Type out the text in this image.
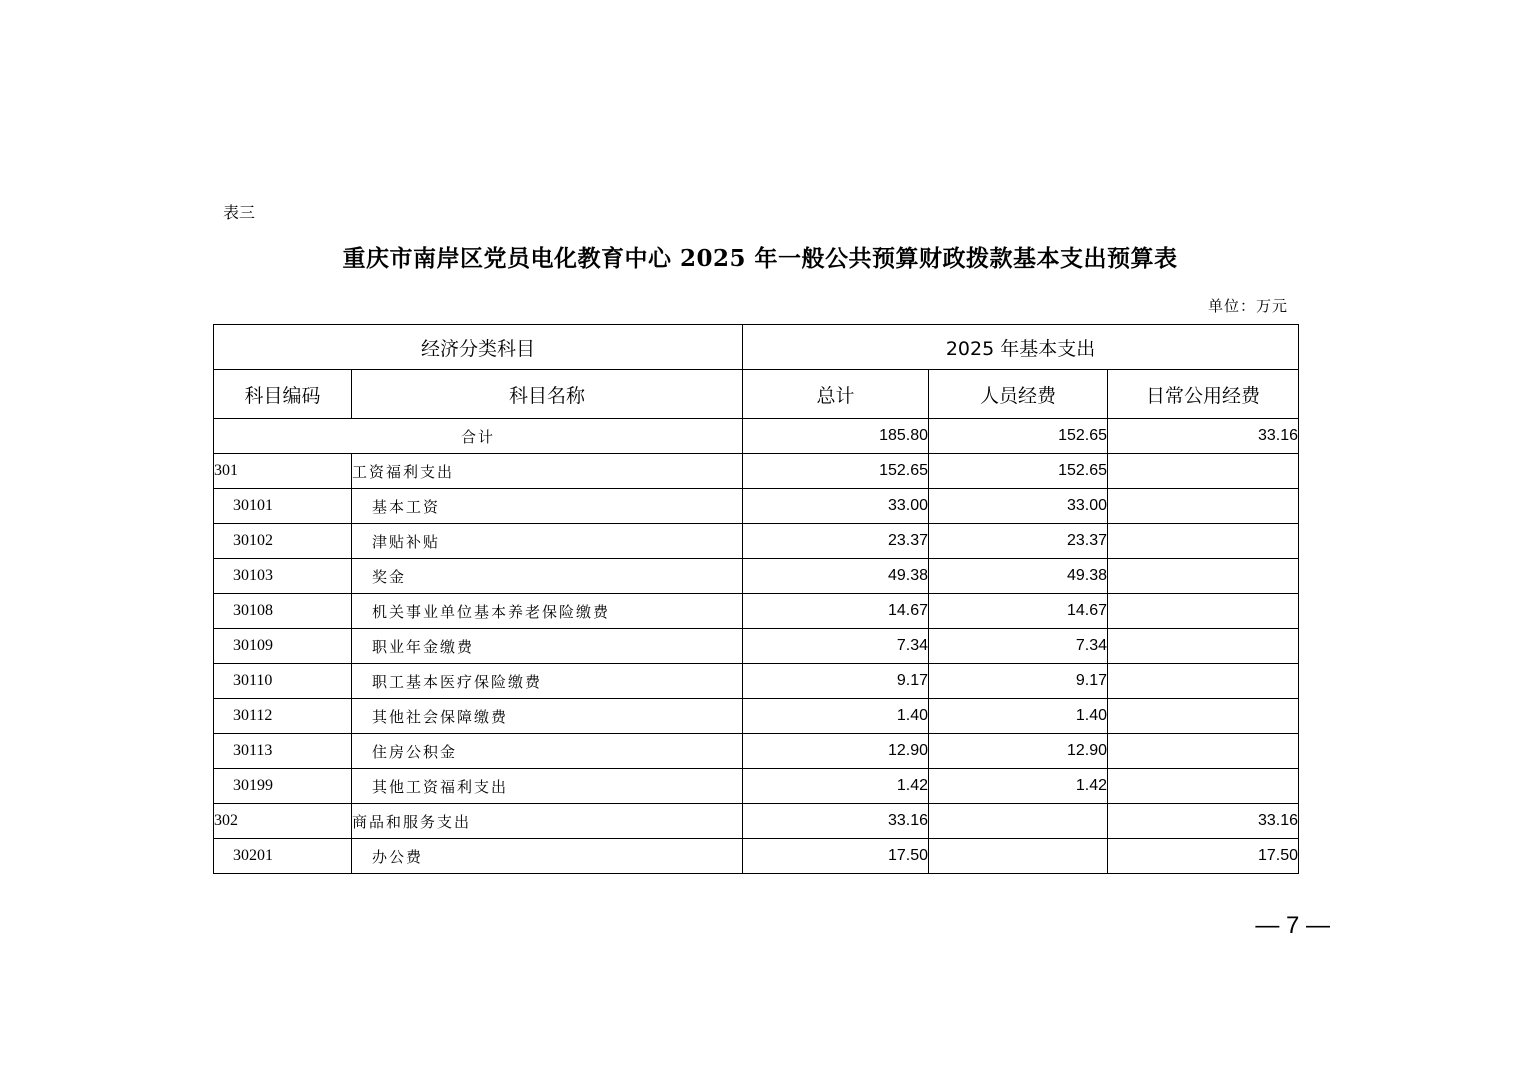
表三
重庆市南岸区党员电化教育中心 2025 年一般公共预算财政拨款基本支出预算表
单位：万元
经济分类科目		2025 年基本支出		
科目编码	科目名称	总计	人员经费	日常公用经费
合计		185.80	152.65	33.16
301	工资福利支出	152.65	152.65	
30101	基本工资	33.00	33.00	
30102	津贴补贴	23.37	23.37	
30103	奖金	49.38	49.38	
30108	机关事业单位基本养老保险缴费	14.67	14.67	
30109	职业年金缴费	7.34	7.34	
30110	职工基本医疗保险缴费	9.17	9.17	
30112	其他社会保障缴费	1.40	1.40	
30113	住房公积金	12.90	12.90	
30199	其他工资福利支出	1.42	1.42	
302	商品和服务支出	33.16		33.16
30201	办公费	17.50		17.50
— 7 —
